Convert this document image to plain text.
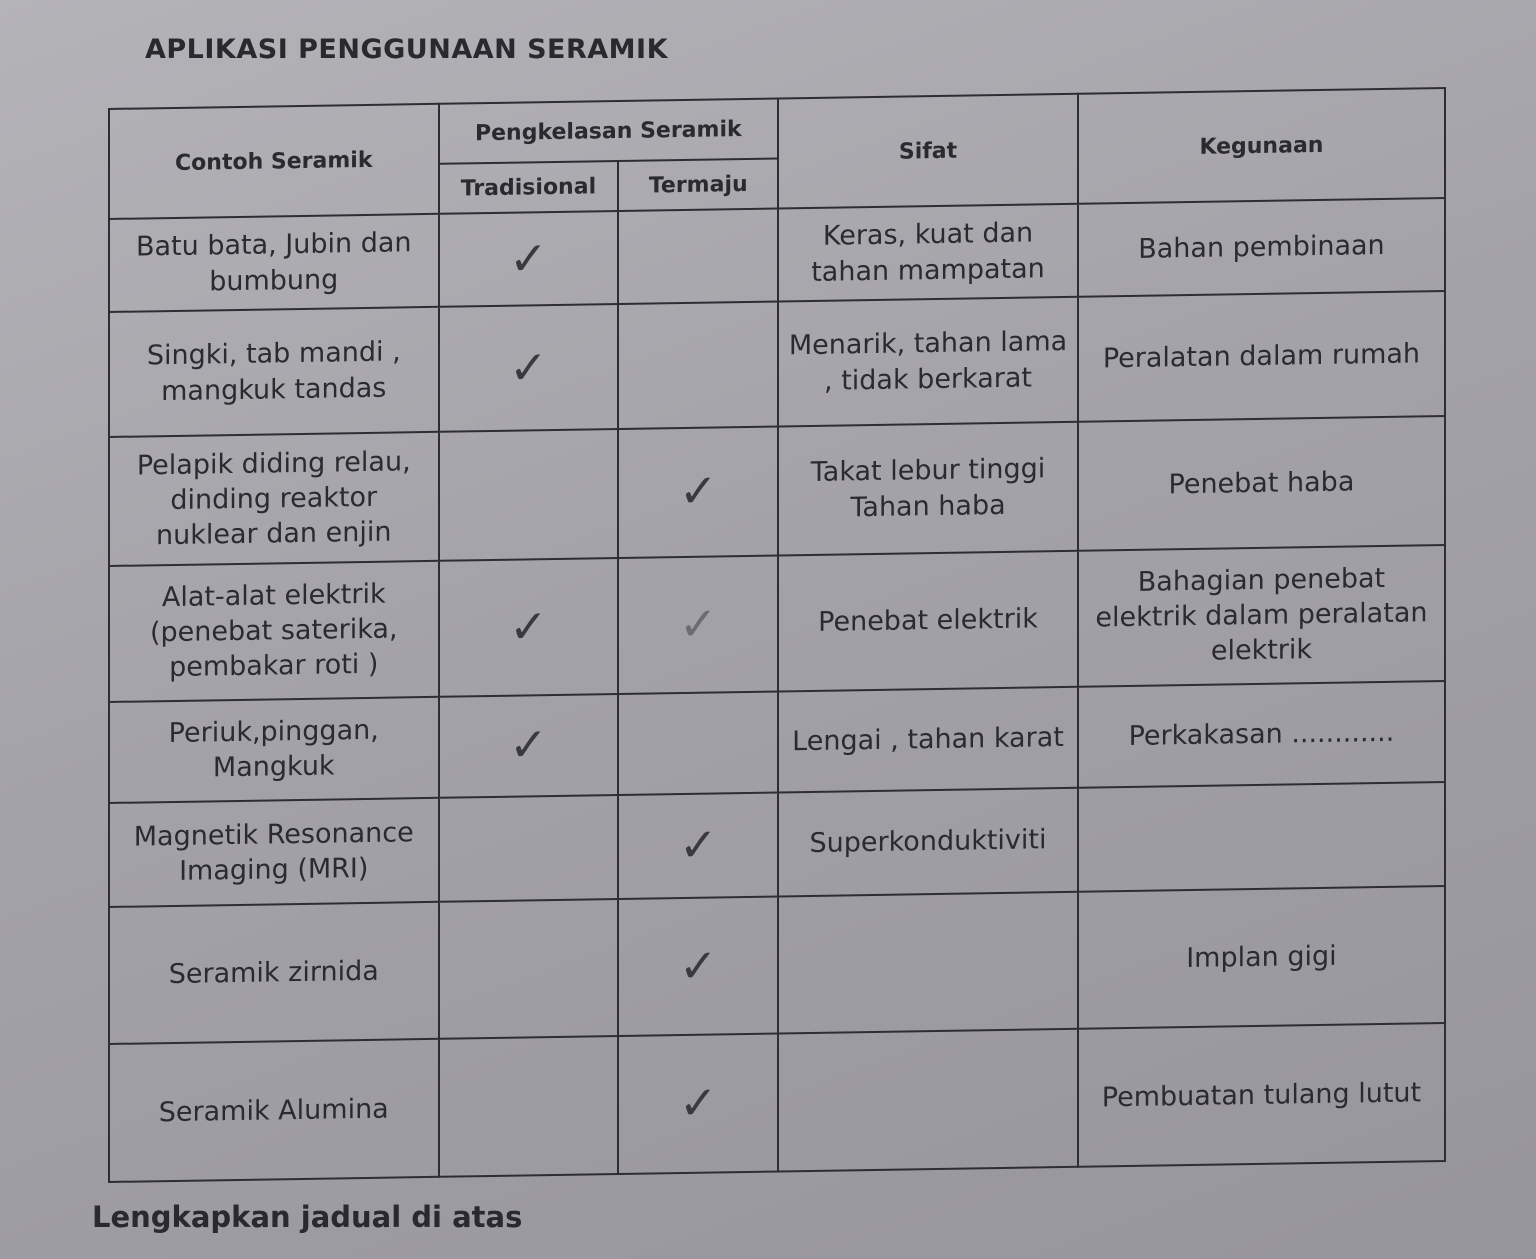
APLIKASI PENGGUNAAN SERAMIK
Contoh Seramik	Pengkelasan Seramik		Sifat	Kegunaan
	Tradisional	Termaju		
Batu bata, Jubin dan bumbung	✓		Keras, kuat dan tahan mampatan	Bahan pembinaan
Singki, tab mandi , mangkuk tandas	✓		Menarik, tahan lama , tidak berkarat	Peralatan dalam rumah
Pelapik diding relau, dinding reaktor nuklear dan enjin		✓	Takat lebur tinggi Tahan haba	Penebat haba
Alat-alat elektrik (penebat saterika, pembakar roti )	✓	✓	Penebat elektrik	Bahagian penebat elektrik dalam peralatan elektrik
Periuk,pinggan, Mangkuk	✓		Lengai , tahan karat	Perkakasan ............
Magnetik Resonance Imaging (MRI)		✓	Superkonduktiviti	
Seramik zirnida		✓		Implan gigi
Seramik Alumina		✓		Pembuatan tulang lutut
Lengkapkan jadual di atas
